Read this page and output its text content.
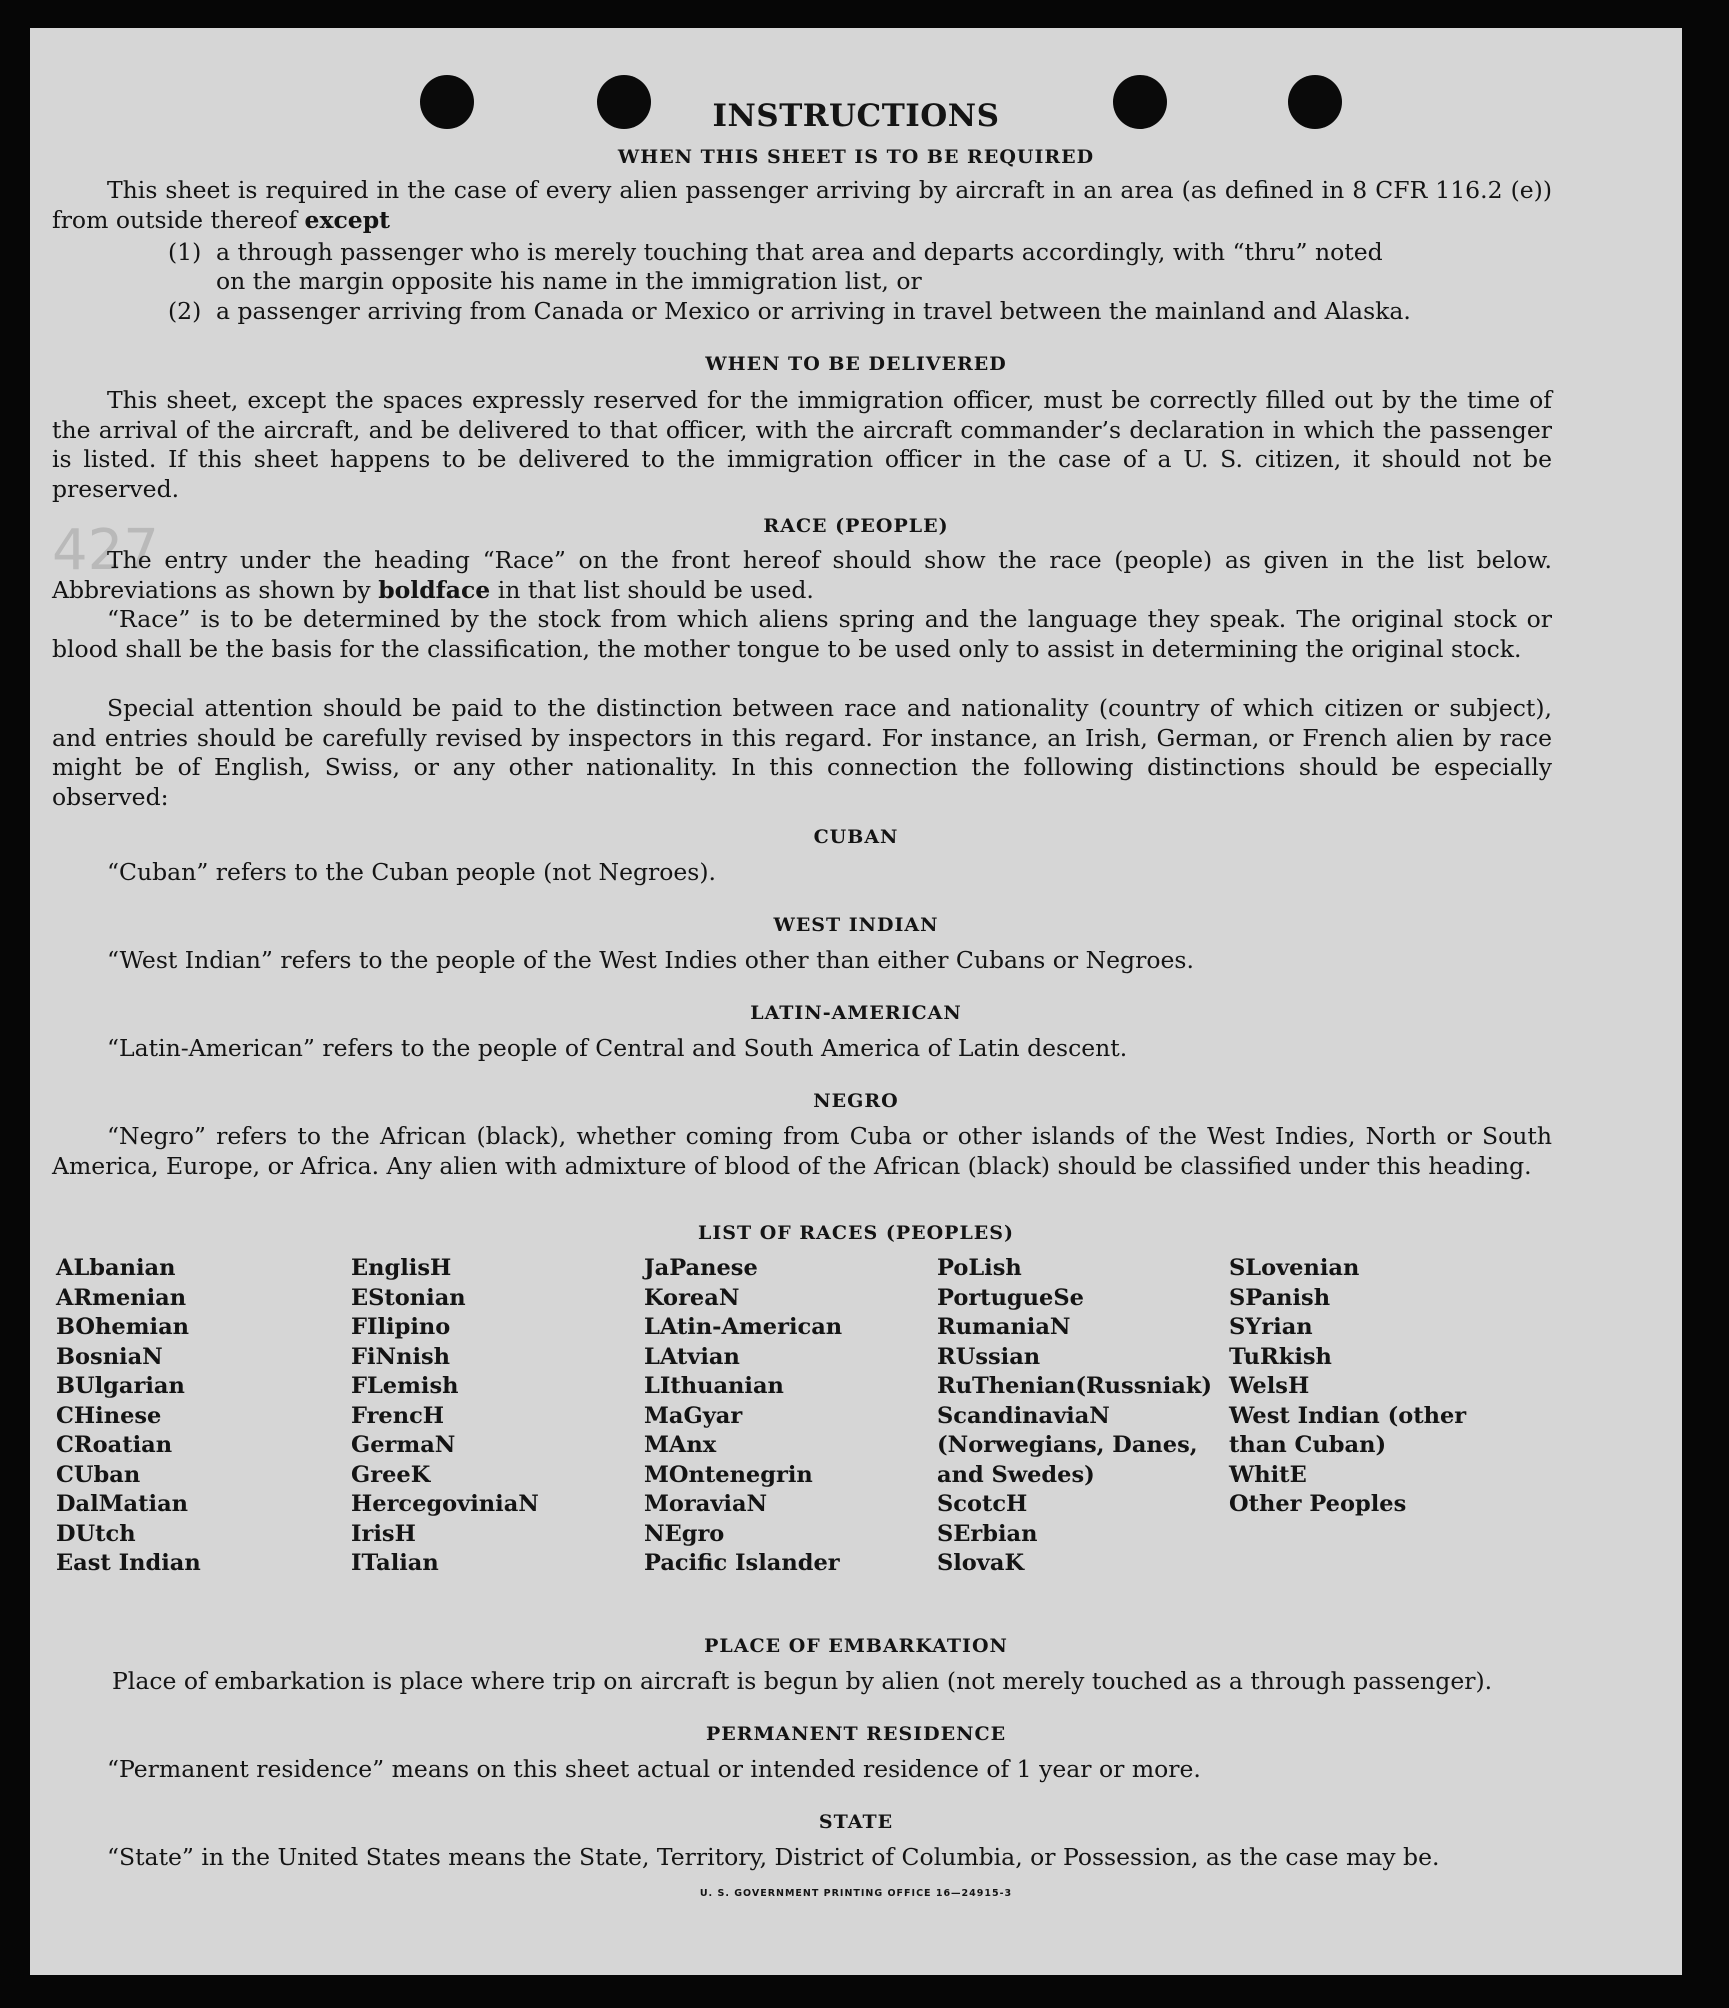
427
INSTRUCTIONS
WHEN THIS SHEET IS TO BE REQUIRED
This sheet is required in the case of every alien passenger arriving by aircraft in an area (as defined in 8 CFR 116.2 (e)) from outside thereof except
(1) a through passenger who is merely touching that area and departs accordingly, with “thru” noted
on the margin opposite his name in the immigration list, or
(2) a passenger arriving from Canada or Mexico or arriving in travel between the mainland and Alaska.
WHEN TO BE DELIVERED
This sheet, except the spaces expressly reserved for the immigration officer, must be correctly filled out by the time of the arrival of the aircraft, and be delivered to that officer, with the aircraft commander’s declaration in which the passenger is listed. If this sheet happens to be delivered to the immigration officer in the case of a U. S. citizen, it should not be preserved.
RACE (PEOPLE)
The entry under the heading “Race” on the front hereof should show the race (people) as given in the list below. Abbreviations as shown by boldface in that list should be used.
“Race” is to be determined by the stock from which aliens spring and the language they speak. The original stock or blood shall be the basis for the classification, the mother tongue to be used only to assist in determining the original stock.
Special attention should be paid to the distinction between race and nationality (country of which citizen or subject), and entries should be carefully revised by inspectors in this regard. For instance, an Irish, German, or French alien by race might be of English, Swiss, or any other nationality. In this connection the following distinctions should be especially observed:
CUBAN
“Cuban” refers to the Cuban people (not Negroes).
WEST INDIAN
“West Indian” refers to the people of the West Indies other than either Cubans or Negroes.
LATIN-AMERICAN
“Latin-American” refers to the people of Central and South America of Latin descent.
NEGRO
“Negro” refers to the African (black), whether coming from Cuba or other islands of the West Indies, North or South America, Europe, or Africa. Any alien with admixture of blood of the African (black) should be classified under this heading.
LIST OF RACES (PEOPLES)
ALbanian
ARmenian
BOhemian
BosniaN
BUlgarian
CHinese
CRoatian
CUban
DalMatian
DUtch
East Indian
EnglisH
EStonian
FIlipino
FiNnish
FLemish
FrencH
GermaN
GreeK
HercegoviniaN
IrisH
ITalian
JaPanese
KoreaN
LAtin-American
LAtvian
LIthuanian
MaGyar
MAnx
MOntenegrin
MoraviaN
NEgro
Pacific Islander
PoLish
PortugueSe
RumaniaN
RUssian
RuThenian(Russniak)
ScandinaviaN (Norwegians, Danes, and Swedes)
ScotcH
SErbian
SlovaK
SLovenian
SPanish
SYrian
TuRkish
WelsH
West Indian (other than Cuban)
WhitE
Other Peoples
PLACE OF EMBARKATION
Place of embarkation is place where trip on aircraft is begun by alien (not merely touched as a through passenger).
PERMANENT RESIDENCE
“Permanent residence” means on this sheet actual or intended residence of 1 year or more.
STATE
“State” in the United States means the State, Territory, District of Columbia, or Possession, as the case may be.
U. S. GOVERNMENT PRINTING OFFICE 16—24915-3
